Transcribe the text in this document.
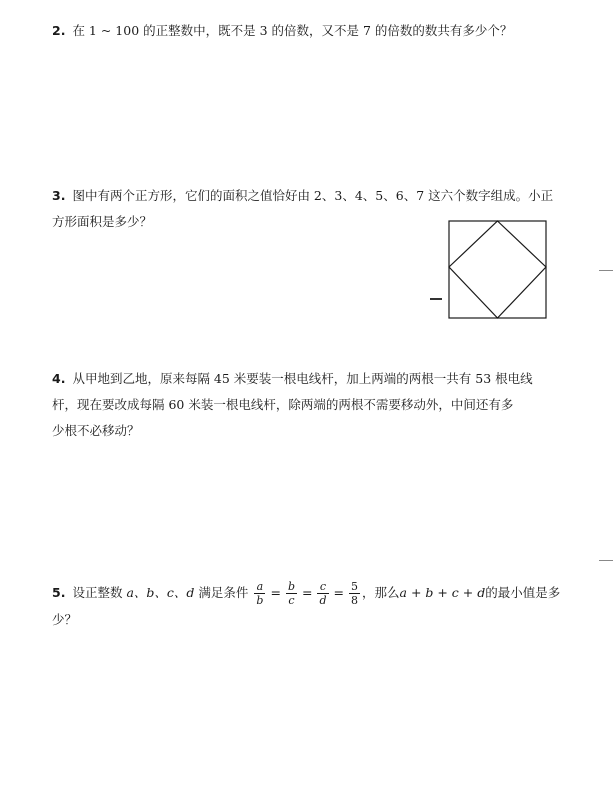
2. 在 1 ~ 100 的正整数中，既不是 3 的倍数，又不是 7 的倍数的数共有多少个？
3. 图中有两个正方形，它们的面积之值恰好由 2、3、4、5、6、7 这六个数字组成。小正
方形面积是多少？
4. 从甲地到乙地，原来每隔 45 米要装一根电线杆，加上两端的两根一共有 53 根电线
杆，现在要改成每隔 60 米装一根电线杆，除两端的两根不需要移动外，中间还有多
少根不必移动？
5. 设正整数 a、b、c、d 满足条件 $\frac{a}{b} = \frac{b}{c} = \frac{c}{d} = \frac{5}{8}$ ，那么a + b + c + d的最小值是多少？
